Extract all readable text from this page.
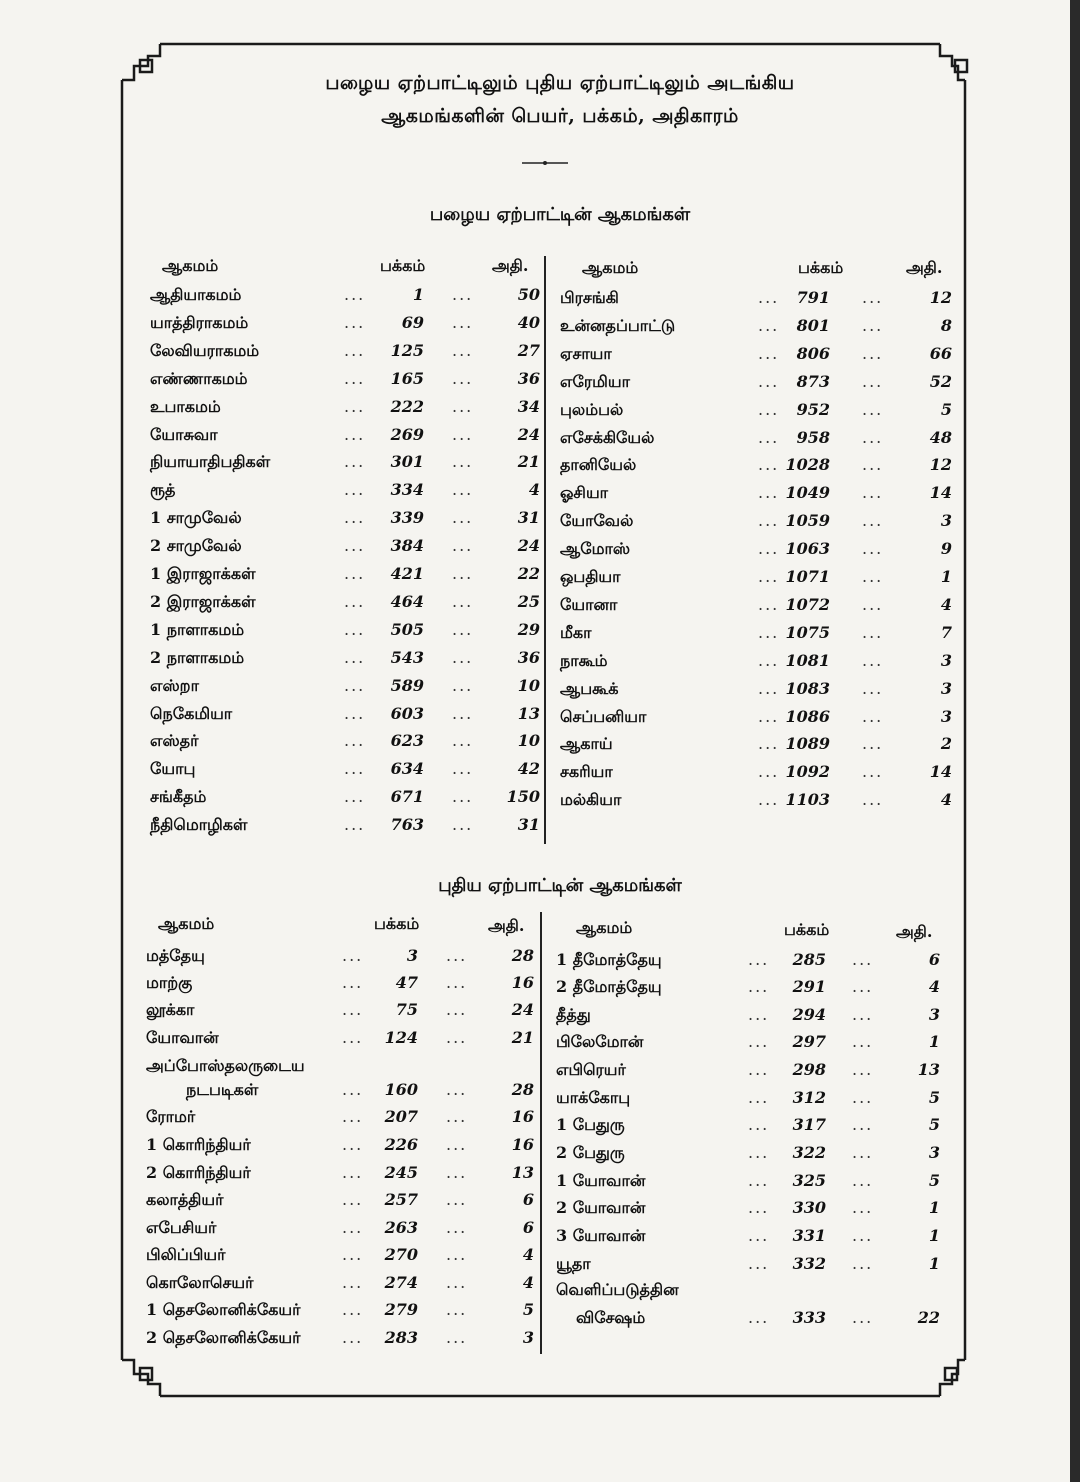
பழைய ஏற்பாட்டிலும் புதிய ஏற்பாட்டிலும் அடங்கிய
ஆகமங்களின் பெயர், பக்கம், அதிகாரம்
பழைய ஏற்பாட்டின் ஆகமங்கள்
புதிய ஏற்பாட்டின் ஆகமங்கள்
ஆகமம்	பக்கம்	அதி.	ஆகமம்	பக்கம்	அதி.
ஆதியாகமம்	...	1 ...	50
யாத்திராகமம்	...	69 ...	40
லேவியராகமம்	...	125 ...	27
எண்ணாகமம்	...	165 ...	36
உபாகமம்	...	222 ...	34
யோசுவா	...	269 ...	24
நியாயாதிபதிகள்	...	301 ...	21
ரூத்	...	334 ...	4
1 சாமுவேல்	...	339 ...	31
2 சாமுவேல்	...	384 ...	24
1 இராஜாக்கள்	...	421 ...	22
2 இராஜாக்கள்	...	464 ...	25
1 நாளாகமம்	...	505 ...	29
2 நாளாகமம்	...	543 ...	36
எஸ்றா	...	589 ...	10
நெகேமியா	...	603 ...	13
எஸ்தர்	...	623 ...	10
யோபு	...	634 ...	42
சங்கீதம்	...	671 ...	150
நீதிமொழிகள்	...	763 ...	31
பிரசங்கி	...	791 ...	12
உன்னதப்பாட்டு	...	801 ...	8
ஏசாயா	...	806 ...	66
எரேமியா	...	873 ...	52
புலம்பல்	...	952 ...	5
எசேக்கியேல்	...	958 ...	48
தானியேல்	... 1028 ...	12
ஓசியா	... 1049 ...	14
யோவேல்	... 1059 ...	3
ஆமோஸ்	... 1063 ...	9
ஒபதியா	... 1071 ...	1
யோனா	... 1072 ...	4
மீகா	... 1075 ...	7
நாகூம்	... 1081 ...	3
ஆபகூக்	... 1083 ...	3
செப்பனியா	... 1086 ...	3
ஆகாய்	... 1089 ...	2
சகரியா	... 1092 ...	14
மல்கியா	... 1103 ...	4
ஆகமம்	பக்கம்	அதி.	ஆகமம்	பக்கம்	அதி.
மத்தேயு	...	3 ...	28
மாற்கு	...	47 ...	16
லூக்கா	...	75 ...	24
யோவான்	...	124 ...	21
அப்போஸ்தலருடைய
நடபடிகள்	...	160 ...	28
ரோமர்	...	207 ...	16
1 கொரிந்தியர்	...	226 ...	16
2 கொரிந்தியர்	...	245 ...	13
கலாத்தியர்	...	257 ...	6
எபேசியர்	...	263 ...	6
பிலிப்பியர்	...	270 ...	4
கொலோசெயர்	...	274 ...	4
1 தெசலோனிக்கேயர்	...	279 ...	5
2 தெசலோனிக்கேயர்	...	283 ...	3
1 தீமோத்தேயு	...	285 ...	6
2 தீமோத்தேயு	...	291 ...	4
தீத்து	...	294 ...	3
பிலேமோன்	...	297 ...	1
எபிரெயர்	...	298 ...	13
யாக்கோபு	...	312 ...	5
1 பேதுரு	...	317 ...	5
2 பேதுரு	...	322 ...	3
1 யோவான்	...	325 ...	5
2 யோவான்	...	330 ...	1
3 யோவான்	...	331 ...	1
யூதா	...	332 ...	1
வெளிப்படுத்தின
விசேஷம்	...	333 ...	22
